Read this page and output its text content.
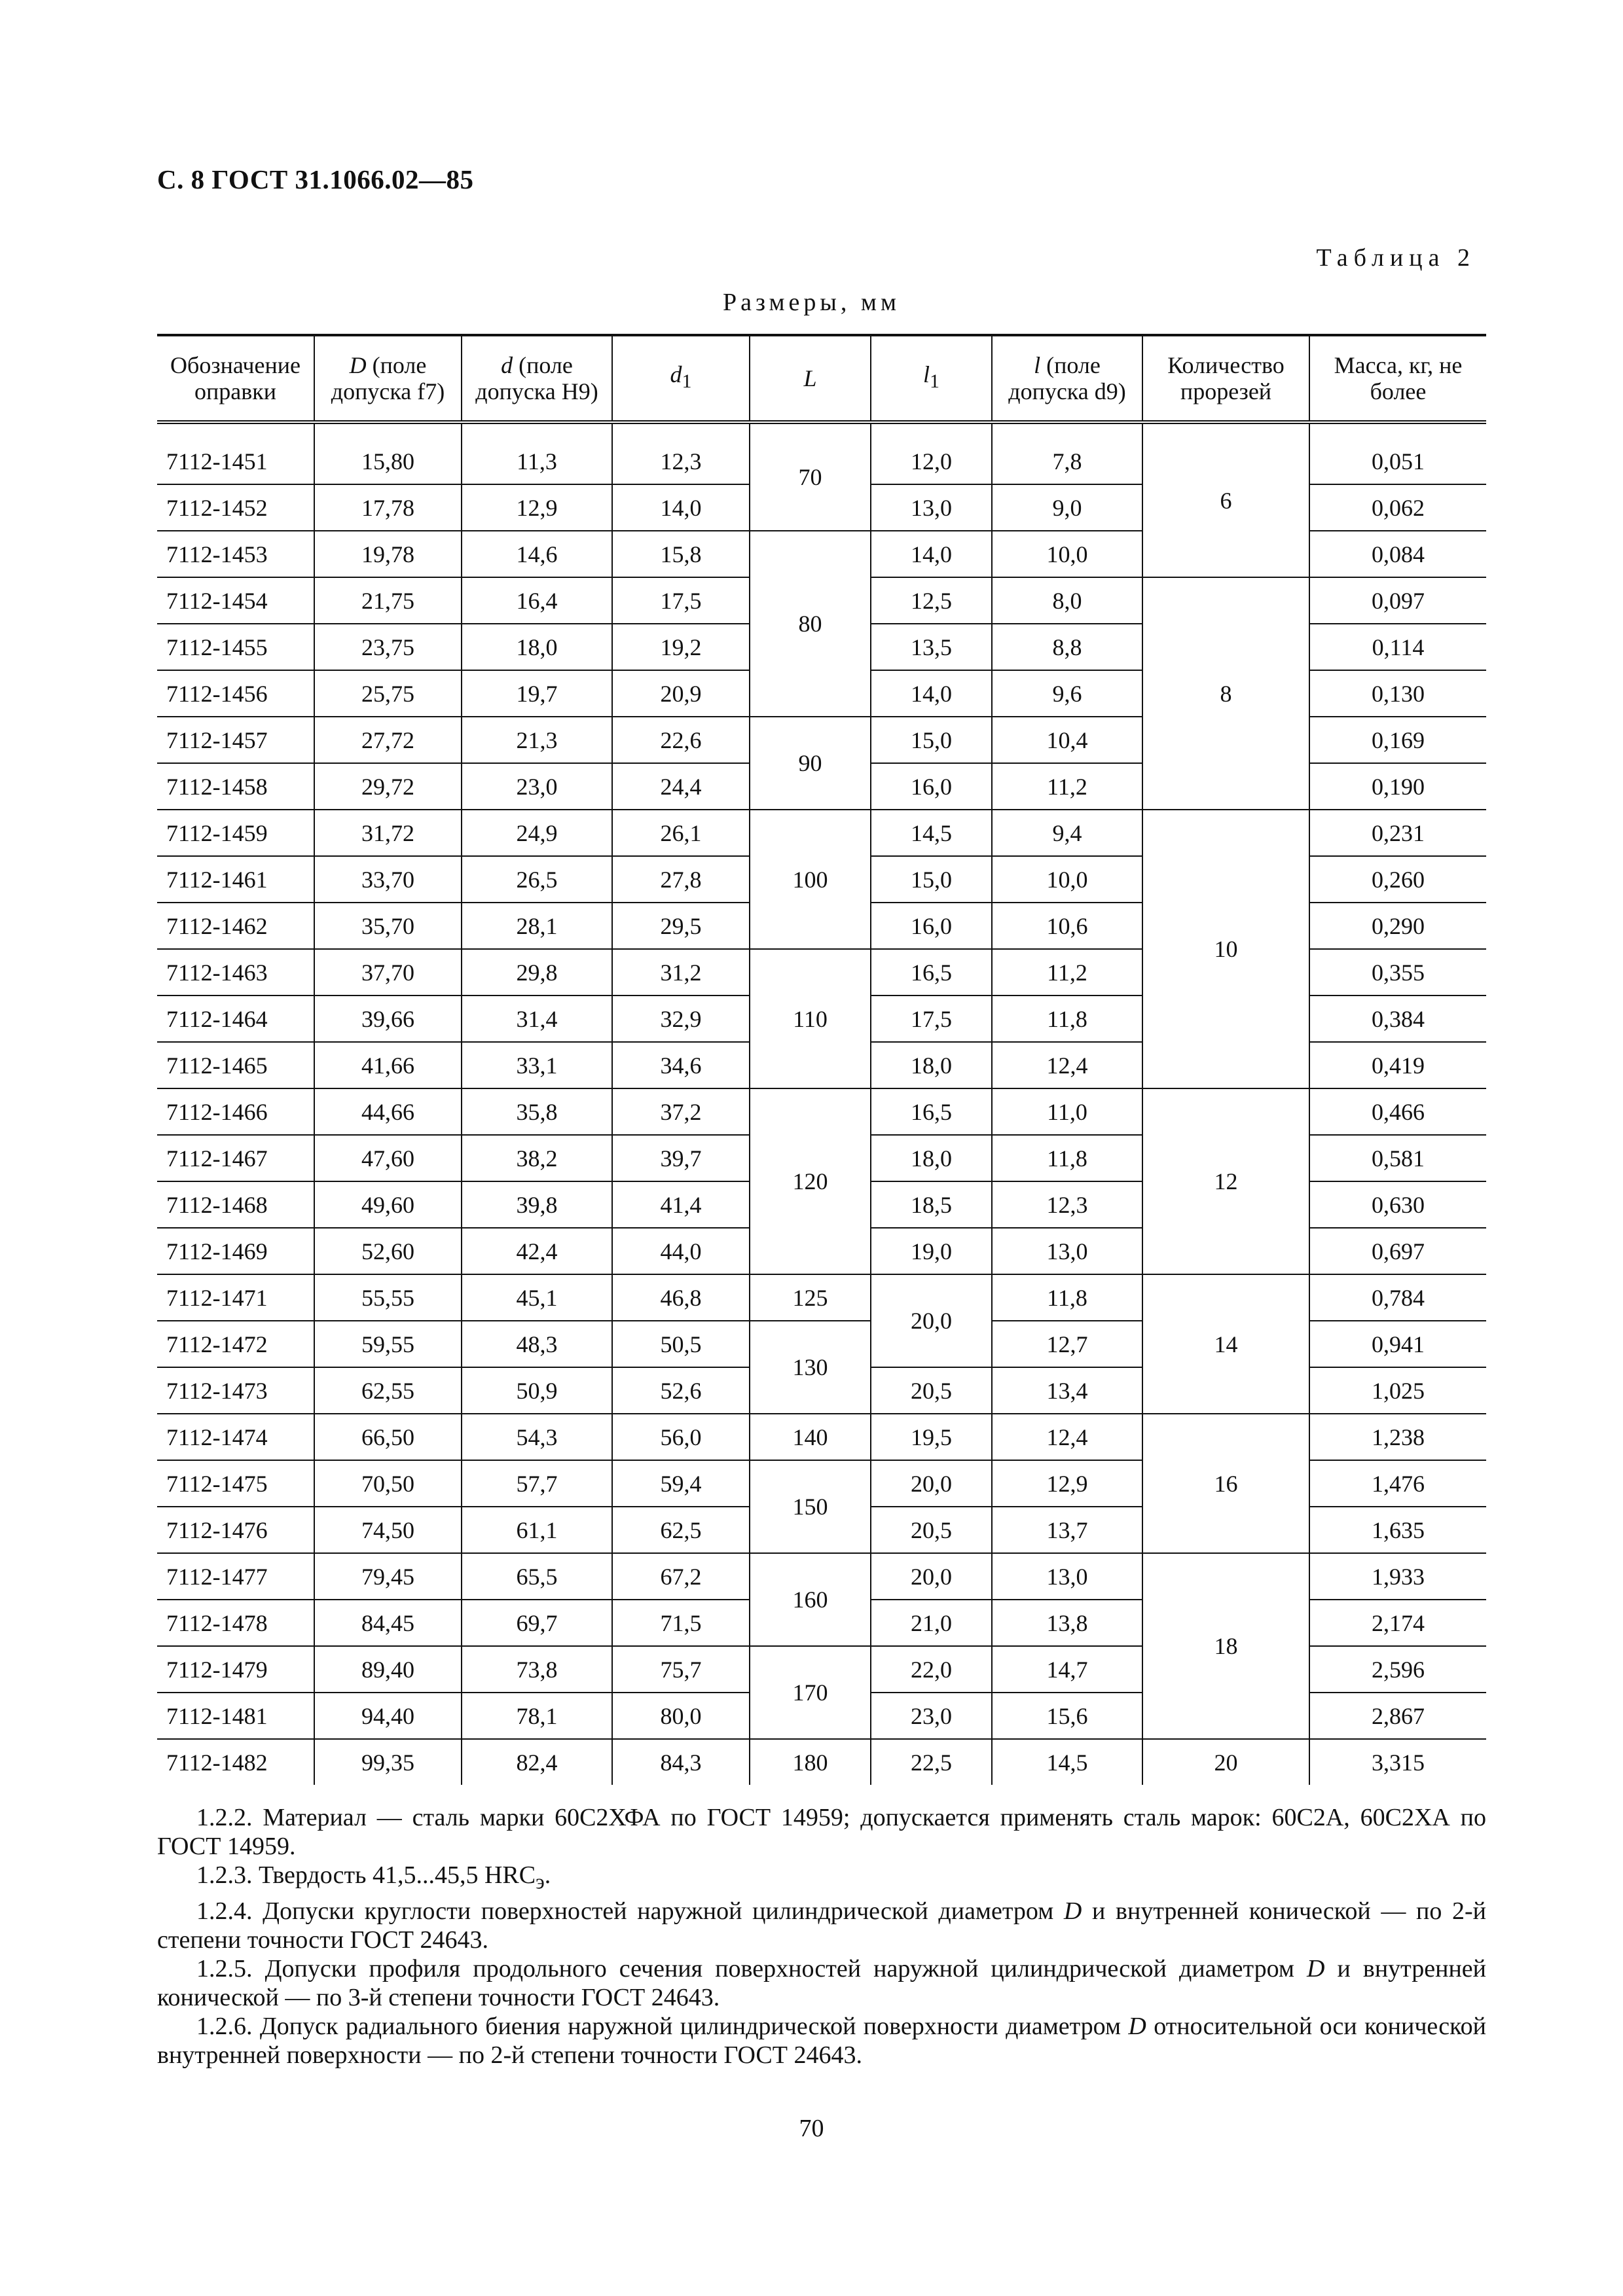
С. 8 ГОСТ 31.1066.02—85
Таблица 2
Размеры, мм
Обозначение оправки	D (поле допуска f7)	d (поле допуска H9)	$d_1$	L	$l_1$	l (поле допуска d9)	Количество прорезей	Масса, кг, не более
7112-1451	15,80	11,3	12,3	70	12,0	7,8	6	0,051
7112-1452	17,78	12,9	14,0		13,0	9,0		0,062
7112-1453	19,78	14,6	15,8	80	14,0	10,0		0,084
7112-1454	21,75	16,4	17,5		12,5	8,0	8	0,097
7112-1455	23,75	18,0	19,2		13,5	8,8		0,114
7112-1456	25,75	19,7	20,9		14,0	9,6		0,130
7112-1457	27,72	21,3	22,6	90	15,0	10,4		0,169
7112-1458	29,72	23,0	24,4		16,0	11,2		0,190
7112-1459	31,72	24,9	26,1	100	14,5	9,4	10	0,231
7112-1461	33,70	26,5	27,8		15,0	10,0		0,260
7112-1462	35,70	28,1	29,5		16,0	10,6		0,290
7112-1463	37,70	29,8	31,2	110	16,5	11,2		0,355
7112-1464	39,66	31,4	32,9		17,5	11,8		0,384
7112-1465	41,66	33,1	34,6		18,0	12,4		0,419
7112-1466	44,66	35,8	37,2	120	16,5	11,0	12	0,466
7112-1467	47,60	38,2	39,7		18,0	11,8		0,581
7112-1468	49,60	39,8	41,4		18,5	12,3		0,630
7112-1469	52,60	42,4	44,0		19,0	13,0		0,697
7112-1471	55,55	45,1	46,8	125	20,0	11,8	14	0,784
7112-1472	59,55	48,3	50,5	130		12,7		0,941
7112-1473	62,55	50,9	52,6		20,5	13,4		1,025
7112-1474	66,50	54,3	56,0	140	19,5	12,4	16	1,238
7112-1475	70,50	57,7	59,4	150	20,0	12,9		1,476
7112-1476	74,50	61,1	62,5		20,5	13,7		1,635
7112-1477	79,45	65,5	67,2	160	20,0	13,0	18	1,933
7112-1478	84,45	69,7	71,5		21,0	13,8		2,174
7112-1479	89,40	73,8	75,7	170	22,0	14,7		2,596
7112-1481	94,40	78,1	80,0		23,0	15,6		2,867
7112-1482	99,35	82,4	84,3	180	22,5	14,5	20	3,315

1.2.2. Материал — сталь марки 60С2ХФА по ГОСТ 14959; допускается применять сталь марок: 60С2А, 60С2ХА по ГОСТ 14959.

1.2.3. Твердость 41,5...45,5 $HRC_э$.

1.2.4. Допуски круглости поверхностей наружной цилиндрической диаметром D и внутренней конической — по 2-й степени точности ГОСТ 24643.

1.2.5. Допуски профиля продольного сечения поверхностей наружной цилиндрической диаметром D и внутренней конической — по 3-й степени точности ГОСТ 24643.

1.2.6. Допуск радиального биения наружной цилиндрической поверхности диаметром D относительной оси конической внутренней поверхности — по 2-й степени точности ГОСТ 24643.

70
